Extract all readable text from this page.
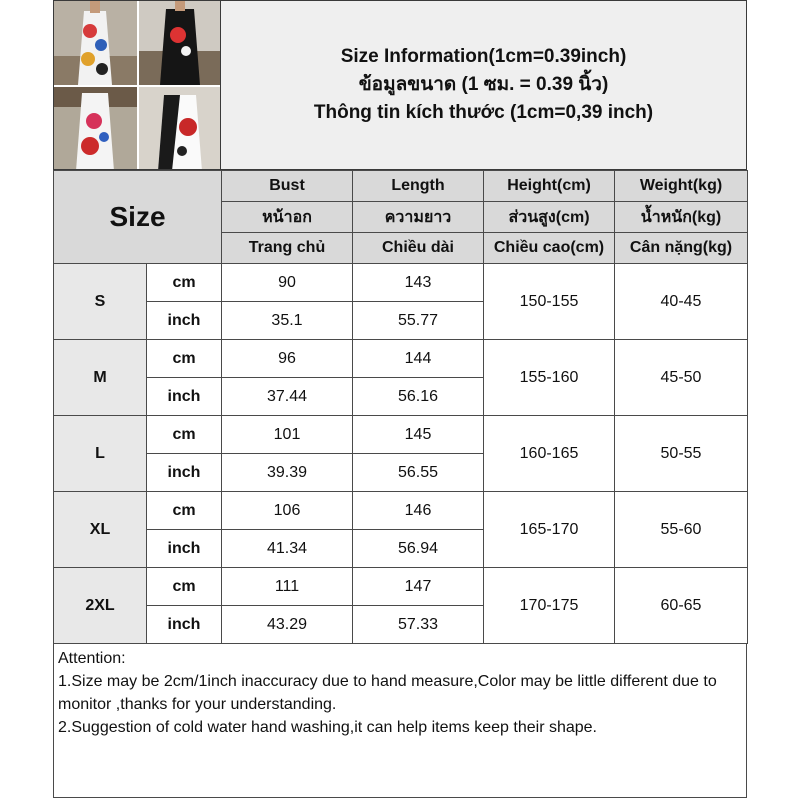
Size Information(1cm=0.39inch)
ข้อมูลขนาด (1 ซม. = 0.39 นิ้ว)
Thông tin kích thước (1cm=0,39 inch)
Size		Bust	Length	Height(cm)	Weight(kg)
		หน้าอก	ความยาว	ส่วนสูง(cm)	น้ำหนัก(kg)
		Trang chủ	Chiều dài	Chiều cao(cm)	Cân nặng(kg)
S	cm	90	143	150-155	40-45
	inch	35.1	55.77		
M	cm	96	144	155-160	45-50
	inch	37.44	56.16		
L	cm	101	145	160-165	50-55
	inch	39.39	56.55		
XL	cm	106	146	165-170	55-60
	inch	41.34	56.94		
2XL	cm	111	147	170-175	60-65
	inch	43.29	57.33		
Attention:
1.Size may be 2cm/1inch inaccuracy due to hand measure,Color may be little different due to monitor ,thanks for your understanding.
2.Suggestion of cold water hand washing,it can help items keep their shape.
